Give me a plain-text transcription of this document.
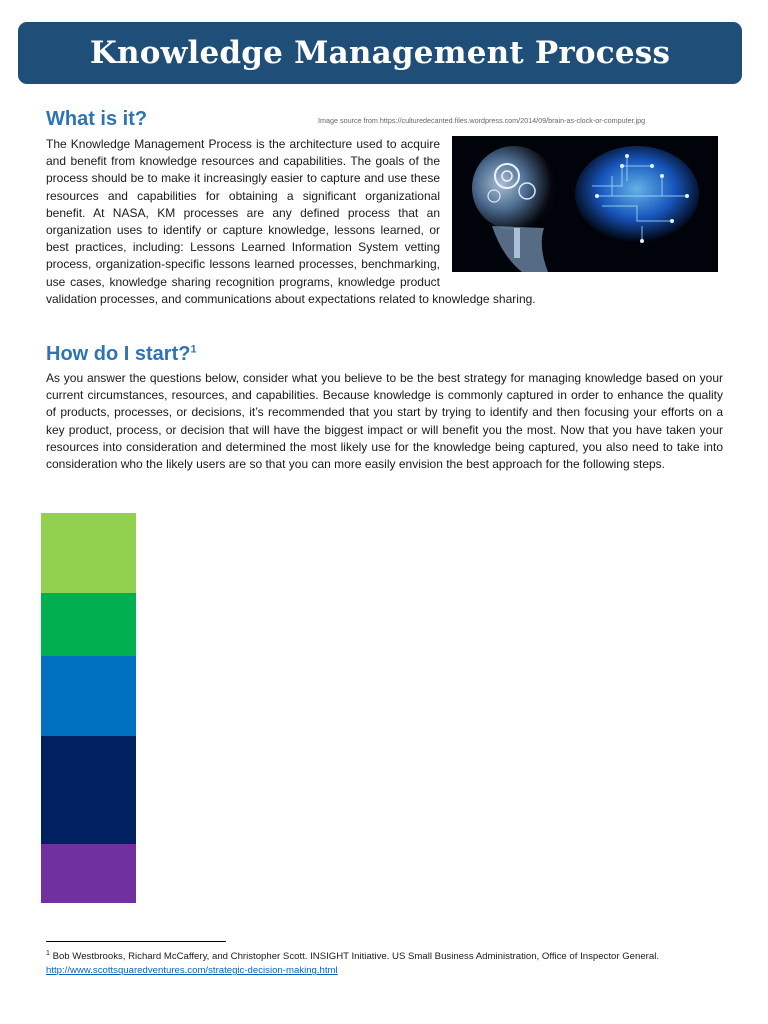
Knowledge Management Process
What is it?	Image source from https://culturedecanted.files.wordpress.com/2014/09/brain-as-clock-or-computer.jpg

The Knowledge Management Process is the architecture used to acquire and benefit from knowledge resources and capabilities. The goals of the process should be to make it increasingly easier to capture and use these resources and capabilities for obtaining a significant organizational benefit. At NASA, KM processes are any defined process that an organization uses to identify or capture knowledge, lessons learned, or best practices, including: Lessons Learned Information System vetting process, organization-specific lessons learned processes, benchmarking, use cases, knowledge sharing recognition programs, knowledge product validation processes, and communications about expectations related to knowledge sharing.

How do I start?$^1$

As you answer the questions below, consider what you believe to be the best strategy for managing knowledge based on your current circumstances, resources, and capabilities. Because knowledge is commonly captured in order to enhance the quality of products, processes, or decisions, it’s recommended that you start by trying to identify and then focusing your efforts on a key product, process, or decision that will have the biggest impact or will benefit you the most. Now that you have taken your resources into consideration and determined the most likely use for the knowledge being captured, you also need to take into consideration who the likely users are so that you can more easily envision the best approach for the following steps.

$^1$ Bob Westbrooks, Richard McCaffery, and Christopher Scott. INSIGHT Initiative. US Small Business Administration, Office of Inspector General.
http://www.scottsquaredventures.com/strategic-decision-making.html
